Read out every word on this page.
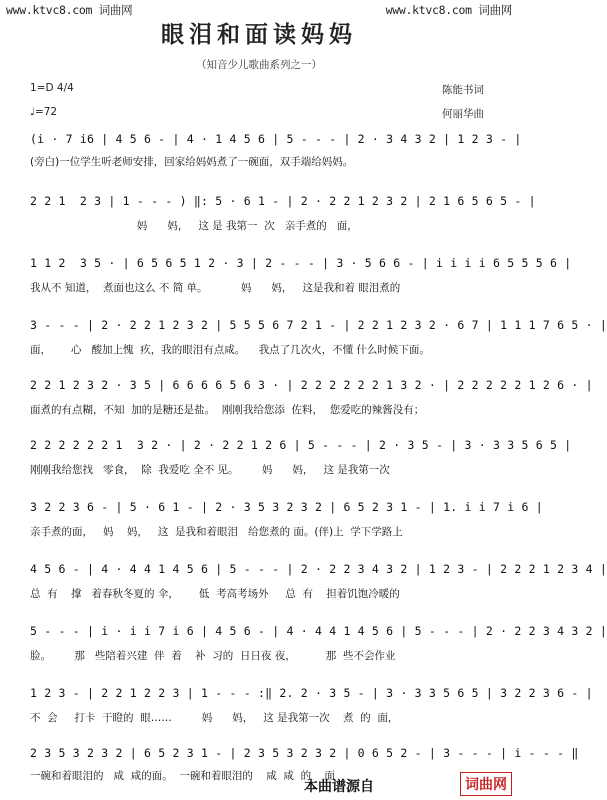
www.ktvc8.com 词曲网	www.ktvc8.com 词曲网
眼泪和面读妈妈
（知音少儿歌曲系列之一）
1=D 4/4	陈能书词
♩=72	何丽华曲
(i · 7 i6 | 4 5 6 - | 4 · 1 4 5 6 | 5 - - - | 2 · 3 4 3 2 | 1 2 3 - |
(旁白)一位学生听老师安排，回家给妈妈煮了一碗面，双手端给妈妈。
2 2 1  2 3 | 1 - - - ) ‖: 5 · 6 1 - | 2 · 2 2 1 2 3 2 | 2 1 6 5 6 5 - |
妈      妈，   这 是 我第一  次   亲手煮的   面，
1 1 2  3 5 · | 6 5 6 5 1 2 · 3 | 2 - - - | 3 · 5 6 6 - | i i i i 6 5 5 5 6 |
我从不 知道，  煮面也这么 不 简 单。          妈      妈，   这是我和着 眼泪煮的
3 - - - | 2 · 2 2 1 2 3 2 | 5 5 5 6 7 2 1 - | 2 2 1 2 3 2 · 6 7 | 1 1 1 7 6 5 · |
面，      心   酸加上愧  疚，我的眼泪有点咸。    我点了几次火，不懂 什么时候下面。
2 2 1 2 3 2 · 3 5 | 6 6 6 6 5 6 3 · | 2 2 2 2 2 2 1 3 2 · | 2 2 2 2 2 1 2 6 · |
面煮的有点糊，不知  加的是糖还是盐。  刚刚我给您添  佐料，  您爱吃的辣酱没有；
2 2 2 2 2 2 1  3 2 · | 2 · 2 2 1 2 6 | 5 - - - | 2 · 3 5 - | 3 · 3 3 5 6 5 |
刚刚我给您找   零食，  除  我爱吃 全不 见。       妈      妈，   这 是我第一次
3 2 2 3 6 - | 5 · 6 1 - | 2 · 3 5 3 2 3 2 | 6 5 2 3 1 - | 1. i i 7 i 6 |
亲手煮的面，   妈    妈，   这  是我和着眼泪   给您煮的 面。(伴)上  学下学路上
4 5 6 - | 4 · 4 4 1 4 5 6 | 5 - - - | 2 · 2 2 3 4 3 2 | 1 2 3 - | 2 2 2 1 2 3 4 |
总  有    撑   着春秋冬夏的 伞，      低  考高考场外     总  有    担着饥饱冷暖的
5 - - - | i · i i 7 i 6 | 4 5 6 - | 4 · 4 4 1 4 5 6 | 5 - - - | 2 · 2 2 3 4 3 2 |
脸。       那   些陪着兴建  伴  着    补  习的  日日夜 夜，         那  些不会作业
1 2 3 - | 2 2 1 2 2 3 | 1 - - - :‖ 2. 2 · 3 5 - | 3 · 3 3 5 6 5 | 3 2 2 3 6 - |
不  会     打卡  干瞪的  眼……         妈      妈，   这 是我第一次    煮  的  面，
2 3 5 3 2 3 2 | 6 5 2 3 1 - | 2 3 5 3 2 3 2 | 0 6 5 2 - | 3 - - - | i - - - ‖
一碗和着眼泪的   咸  咸的面。  一碗和着眼泪的    咸  咸  的    面
本曲谱源自	词曲网
